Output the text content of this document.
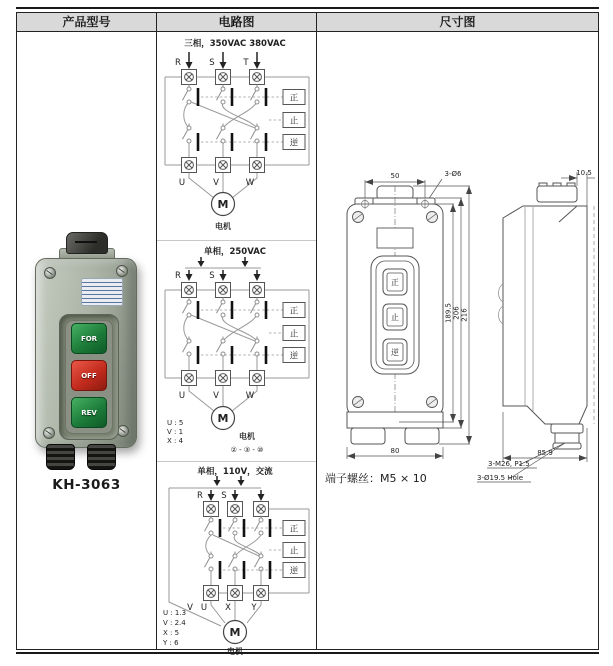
产品型号	电路图	尺寸图
FOR
OFF
REV
KH-3063
三相，350VAC 380VAC
R	S	T
正
止
逆
U	V	W
M
电机
单相，250VAC
R	S
正
止
逆
U	V	W
M
电机
U : 5
V : 1
X : 4
② - ③ - ⑩
单相，110V，交流
R S
正
止
逆
V U X Y
M
U : 1.3
V : 2.4
X : 5
Y : 6
50	3-Ø6
正
止
逆
80
189.5 206 216
10.5
85.9
3-M26, P1.5
3-Ø19.5 Hole
端子螺丝：M5 × 10
